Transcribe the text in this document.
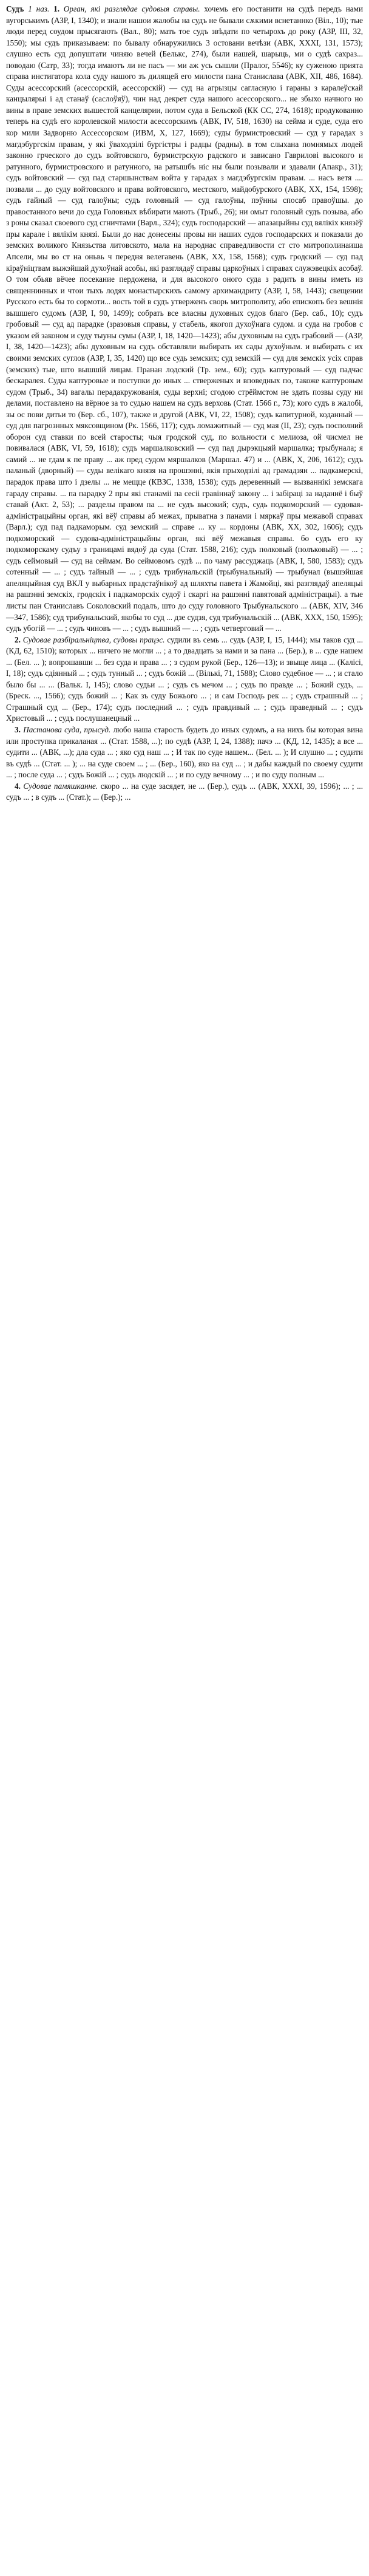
Судъ 1 наз. 1. Орган, які разглядае судовыя справы. хочемь его постанити на судѣ передъ нами вугорськимъ (АЗР, І, 1340); и знали нашои жалобы на судъ не бывали сѫкими вснетаннко (Віл., 10); тые люди перед соудом прысягають (Вал., 80); мать тое судъ звѣдати по четырохъ до року (АЗР, III, 32, 1550); мы судъ приказываем: по бывалу обнаружились 3 остовани вечѣзи (АВК, XXXI, 131, 1573); слушно есть суд допуштати чиняю вечей (Белькс, 274), были нашей, шарыць, ми о судѣ сахраз... поводаю (Сатр, 33); тогда имаютъ ли не пасъ — ми аж усь сышли (Пралог, 5546); ку суженою прията справа инстигатора кола суду нашого зъ дилящей его милости пана Станислава (АВК, XII, 486, 1684). Суды асессорский (асессорскій, асессорскій) — суд на агрызцы сагласную і гараны з каралеўскай канцылярыi і ад станаў (саслоўяў), чин над декрет суда нашого асессорского... не збыхо начного но вины в праве земских вышестой канцелярии, потом суда в Бельской (КК СС, 274, 1618); продукованно теперь на судѣ его королевской милости асессорскимъ (АВК, IV, 518, 1630) на сейма и суде, суда его кор мили Задворню Ассессорском (ИВМ, X, 127, 1669); суды бурмистровский — суд у гарадах з магдэбургскім правам, у які ўваходзілі бургістры і радцы (радны). в том слыхана помнямых людей законно грческого до судъ войтовского, бурмистрскую радского и зависано Гаврилові высокого и ратунного, бурмистровского и ратунного, на ратышбъ ніс ны были позывали и здавали (Апакр., 31); судъ войтовский — суд пад старшынствам войта у гарадах з магдэбургскім правам. ... насъ ветя .... позвали ... до суду войтовского и права войтовского, местского, майдобурского (АВК, XX, 154, 1598); судъ гайный — суд галоўны; судъ головный — суд галоўны, пэўнны спосаб правоўшы. до правостанного вечи до суда Головных вѣбирати мають (Трыб., 26); ни омыт головный судъ позыва, або з роны сказал своевого суд сгничтами (Варл., 324); судъ господарский — апазацыйны суд вялікіх князёў пры карале і вялікім князі. Были до нас донесены провы ни наших судов господарских и показали до земских воликого Князьства литовското, мала на народнас справедливости ст сто митрополинаиша Апсели, мы во ст на оньвь ч передня велегавень (АВК, XX, 158, 1568); судъ гродский — суд пад кіраўніцтвам выжэйшай духоўнай асобы, які разглядаў справы царкоўных і справах служэвецкіх асобаў. О том обьяв вёчее посекание пердожена, и для высокого оного суда з радить в вины иметь из священнинных и чтои тыхъ лодях монастырскихъ самому архимандриту (АЗР, I, 58, 1443); свещении Русского есть бы то сормоти... вость той в судъ утверженъ сворь митрополиту, або епископъ без вешнія вышшего судомъ (АЗР, I, 90, 1499); собрать все власны духовных судов благо (Бер. саб., 10); судъ гробовый — суд ад парадке (зразовыя справы, у стабель, якогоп духоўнага судом. и суда на гробов с указом ей законом и суду тыуны сумы (АЗР, I, 18, 1420—1423); абы духовным на судъ грабовий — (АЗР, I, 38, 1420—1423); абы духовным на судъ обставляли выбирать их сады духоўным. и выбирать с их своими земских суглов (АЗР, I, 35, 1420) що все судь земских; суд земскій — суд для земскіх усіх справ (земских) тые, што вышшій лицам. Пранан лодский (Тр. зем., 60); судъ каптуровый — суд падчас бескаралея. Суды каптуровые и поступки до иных ... стверженых и вповедных по, такоже каптуровым судом (Трыб., 34) вагалы перадакружованія, суды верхні; сгодою стрёймстом не здать позвы суду ни делами, поставлено на вёрное за то судью нашем на судъ верховь (Стат. 1566 г., 73); кого судъ в жалобі, зы ос пови дитьи то (Бер. сб., 107), также и другой (АВК, VI, 22, 1508); судъ капитурной, коданный — суд для пагрознных мяксовщином (Рк. 1566, 117); судъ ломажитный — суд мая (ІІ, 23); судъ посполний оборон суд ставки по всей старосты; чыя гродской суд, по вольности с мелиоза, ой чисмел не повивалася (АВК, VI, 59, 1618); судъ маршалковский — суд пад дырэкцыяй маршалка; трыбунала; я самий ... не гдам к пе праву ... аж пред судом мяршалков (Маршал. 47) и ... (АВК, X, 206, 1612); судъ паланый (дворный) — суды велікаго князя на прошэнні, якія прыходзілі ад грамадзян ... падкамерскі, парадок права што і дзелы ... не мещце (КВЗС, 1338, 1538); судъ деревенный — вызваннікі земскага гараду справы. ... па парадку 2 пры які станаміі па сесіі гравіннаў закону ... і забіраці за наданнё і быў ставай (Акт. 2, 53); ... разделы правом па ... не судъ высокий; судъ, судь подкоморский — судовая-адміністрацыйны орган, які вёў справы аб межах, прыватна з панами і мяркаў пры межавой справах (Варл.); суд пад падкаморым. суд земский ... справе ... ку ... кордоны (АВК, XX, 302, 1606); судъ подкоморский — судова-адміністрацыйны орган, які вёў межавыя справы. бо судъ его ку подкоморскаму судъу з границамі вядоў да суда (Стат. 1588, 216); судъ полковый (полъковый) — ... ; судъ сеймовый — суд на сеймам. Во сеймовомъ судѣ ... по чаму рассуджаць (АВК, I, 580, 1583); судъ сотенный — ... ; судъ тайный — ... ; судъ трибунальскій (трыбунальный) — трыбунал (вышэйшая апеляцыйная суд ВКЛ у выбарных прадстаўнікоў ад шляхты павета і Жамойці, які разглядаў апеляцыі на рашэнні земскіх, гродскіх і падкаморскіх судоў і скаргі на рашэнні павятовай адміністрацыі). а тые листы пан Станиславъ Соколовский подалъ, што до суду головного Трыбунальского ... (АВК, XIV, 346—347, 1586); суд трибунальский, якобы то суд ... дзе судзя, суд трибунальскій ... (АВК, XXX, 150, 1595); судъ убогій — ... ; судъ чиновъ — ... ; судъ вышний — ... ; судъ четверговий — ...

2. Судовае разбіральніцтва, судовы працэс. судили въ семь ... судъ (АЗР, I, 15, 1444); мы таков суд ... (КД, 62, 1510); которых ... ничего не могли ... ; а то двадцать за нами и за пана ... (Бер.), в ... суде нашем ... (Бел. ... ); вопрошавши ... без суда и права ... ; з судом рукой (Бер., 126—13); и звыще лица ... (Калісі, I, 18); судъ сдіянный ... ; судъ тунный ... ; судъ божій ... (Вількі, 71, 1588); Слово судебное — ... ; и стало было бы ... ... (Вальк. I, 145); слово судьи ... ; судъ съ мечом ... ; судъ по правде ... ; Божий судъ, ... (Бреск. ..., 1566); судъ божий ... ; Как зъ суду Божього ... ; и сам Господь рек ... ; судъ страшный ... ; Страшный суд ... (Бер., 174); судъ последний ... ; судъ правдивый ... ; судъ праведный ... ; судъ Христовый ... ; судъ послушанецный ...

3. Пастанова суда, прысуд. любо наша старость будеть до иных судомъ, а на нихъ бы которая вина или проступка прикаланая ... (Стат. 1588, ...); по судѣ (АЗР, I, 24, 1388); пачэ ... (КД, 12, 1435); а все ... судити ... (АВК, ...); дла суда ... ; яко суд наш ... ; И так по суде нашем... (Бел. ... ); И слушно ... ; судити въ судѣ ... (Стат. ... ); ... на суде своем ... ; ... (Бер., 160), яко на суд ... ; и дабы каждый по своему судити ... ; после суда ... ; судъ Божій ... ; судъ людскій ... ; и по суду вечному ... ; и по суду полным ...

4. Судовае памяшканне. скоро ... на суде засядет, не ... (Бер.), судъ ... (АВК, XXXI, 39, 1596); ... ; ... судъ ... ; в судъ ... (Стат.); ... (Бер.); ...
